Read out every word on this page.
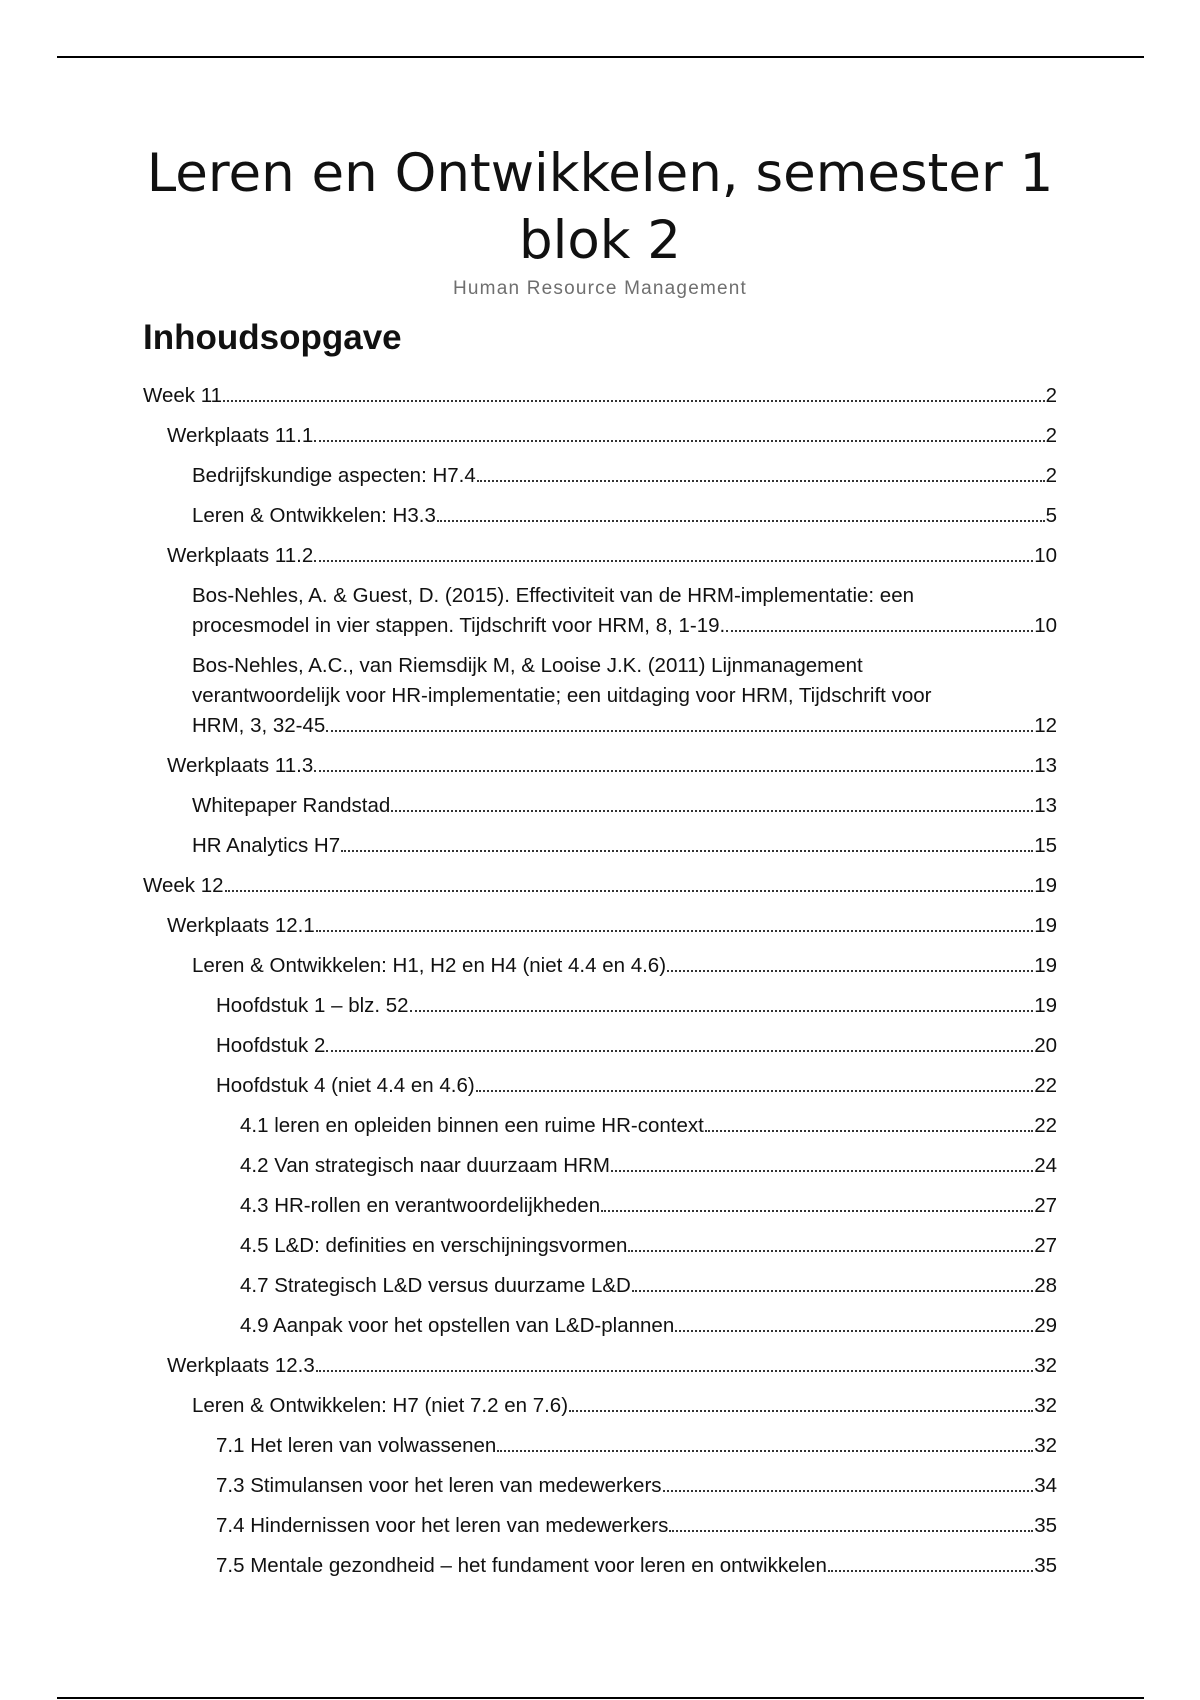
Leren en Ontwikkelen, semester 1 blok 2
Human Resource Management
Inhoudsopgave
Week 11	2
Werkplaats 11.1	2
Bedrijfskundige aspecten: H7.4	2
Leren & Ontwikkelen: H3.3	5
Werkplaats 11.2	10
Bos-Nehles, A. & Guest, D. (2015). Effectiviteit van de HRM-implementatie: een
procesmodel in vier stappen. Tijdschrift voor HRM, 8, 1-19.	10
Bos-Nehles, A.C., van Riemsdijk M, & Looise J.K. (2011) Lijnmanagement
verantwoordelijk voor HR-implementatie; een uitdaging voor HRM, Tijdschrift voor
HRM, 3, 32-45	12
Werkplaats 11.3	13
Whitepaper Randstad	13
HR Analytics H7	15
Week 12	19
Werkplaats 12.1	19
Leren & Ontwikkelen: H1, H2 en H4 (niet 4.4 en 4.6)	19
Hoofdstuk 1 – blz. 52	19
Hoofdstuk 2	20
Hoofdstuk 4 (niet 4.4 en 4.6)	22
4.1 leren en opleiden binnen een ruime HR-context	22
4.2 Van strategisch naar duurzaam HRM	24
4.3 HR-rollen en verantwoordelijkheden	27
4.5 L&D: definities en verschijningsvormen	27
4.7 Strategisch L&D versus duurzame L&D	28
4.9 Aanpak voor het opstellen van L&D-plannen	29
Werkplaats 12.3	32
Leren & Ontwikkelen: H7 (niet 7.2 en 7.6)	32
7.1 Het leren van volwassenen	32
7.3 Stimulansen voor het leren van medewerkers	34
7.4 Hindernissen voor het leren van medewerkers	35
7.5 Mentale gezondheid – het fundament voor leren en ontwikkelen	35
